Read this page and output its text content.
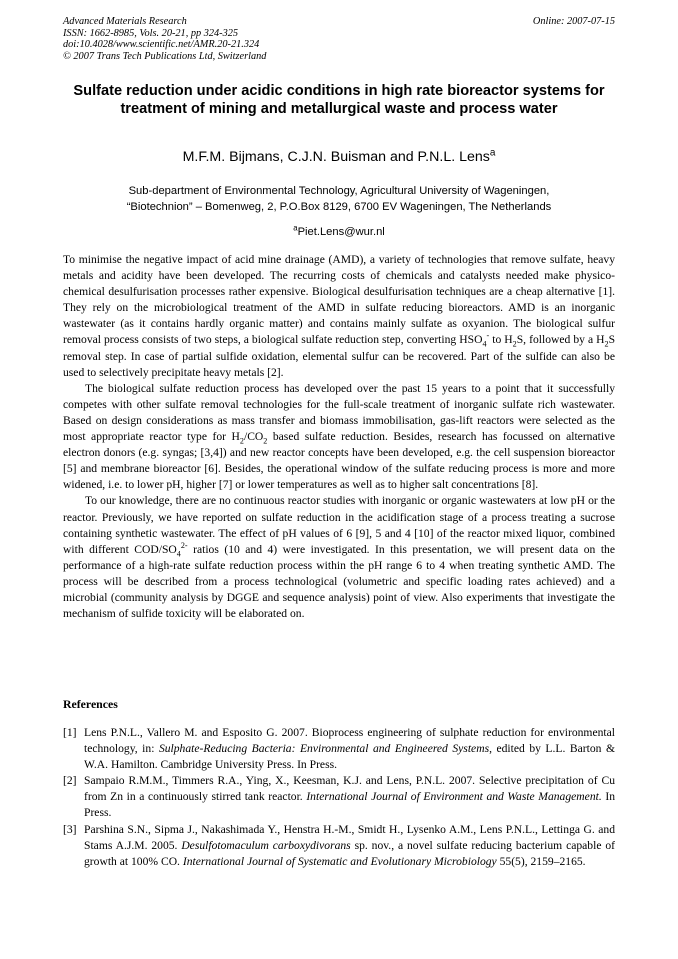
Advanced Materials Research
ISSN: 1662-8985, Vols. 20-21, pp 324-325
doi:10.4028/www.scientific.net/AMR.20-21.324
© 2007 Trans Tech Publications Ltd, Switzerland
Online: 2007-07-15
Sulfate reduction under acidic conditions in high rate bioreactor systems for treatment of mining and metallurgical waste and process water
M.F.M. Bijmans, C.J.N. Buisman and P.N.L. Lens$^a$
Sub-department of Environmental Technology, Agricultural University of Wageningen,
“Biotechnion” – Bomenweg, 2, P.O.Box 8129, 6700 EV Wageningen, The Netherlands
$^a$Piet.Lens@wur.nl

To minimise the negative impact of acid mine drainage (AMD), a variety of technologies that remove sulfate, heavy metals and acidity have been developed. The recurring costs of chemicals and catalysts needed make physico-chemical desulfurisation processes rather expensive. Biological desulfurisation techniques are a cheap alternative [1]. They rely on the microbiological treatment of the AMD in sulfate reducing bioreactors. AMD is an inorganic wastewater (as it contains hardly organic matter) and contains mainly sulfate as oxyanion. The biological sulfur removal process consists of two steps, a biological sulfate reduction step, converting $HSO_4^-$ to $H_2S$, followed by a $H_2S$ removal step. In case of partial sulfide oxidation, elemental sulfur can be recovered. Part of the sulfide can also be used to selectively precipitate heavy metals [2].

The biological sulfate reduction process has developed over the past 15 years to a point that it successfully competes with other sulfate removal technologies for the full-scale treatment of inorganic sulfate rich wastewater. Based on design considerations as mass transfer and biomass immobilisation, gas-lift reactors were selected as the most appropriate reactor type for $H_2/CO_2$ based sulfate reduction. Besides, research has focussed on alternative electron donors (e.g. syngas; [3,4]) and new reactor concepts have been developed, e.g. the cell suspension bioreactor [5] and membrane bioreactor [6]. Besides, the operational window of the sulfate reducing process is more and more widened, i.e. to lower pH, higher [7] or lower temperatures as well as to higher salt concentrations [8].

To our knowledge, there are no continuous reactor studies with inorganic or organic wastewaters at low pH or the reactor. Previously, we have reported on sulfate reduction in the acidification stage of a process treating a sucrose containing synthetic wastewater. The effect of pH values of 6 [9], 5 and 4 [10] of the reactor mixed liquor, combined with different COD/$SO_4^{2-}$ ratios (10 and 4) were investigated. In this presentation, we will present data on the performance of a high-rate sulfate reduction process within the pH range 6 to 4 when treating synthetic AMD. The process will be described from a process technological (volumetric and specific loading rates achieved) and a microbial (community analysis by DGGE and sequence analysis) point of view. Also experiments that investigate the mechanism of sulfide toxicity will be elaborated on.

References
[1] Lens P.N.L., Vallero M. and Esposito G. 2007. Bioprocess engineering of sulphate reduction for environmental technology, in: Sulphate-Reducing Bacteria: Environmental and Engineered Systems, edited by L.L. Barton & W.A. Hamilton. Cambridge University Press. In Press.
[2] Sampaio R.M.M., Timmers R.A., Ying, X., Keesman, K.J. and Lens, P.N.L. 2007. Selective precipitation of Cu from Zn in a continuously stirred tank reactor. International Journal of Environment and Waste Management. In Press.
[3] Parshina S.N., Sipma J., Nakashimada Y., Henstra H.-M., Smidt H., Lysenko A.M., Lens P.N.L., Lettinga G. and Stams A.J.M. 2005. Desulfotomaculum carboxydivorans sp. nov., a novel sulfate reducing bacterium capable of growth at 100% CO. International Journal of Systematic and Evolutionary Microbiology 55(5), 2159–2165.
